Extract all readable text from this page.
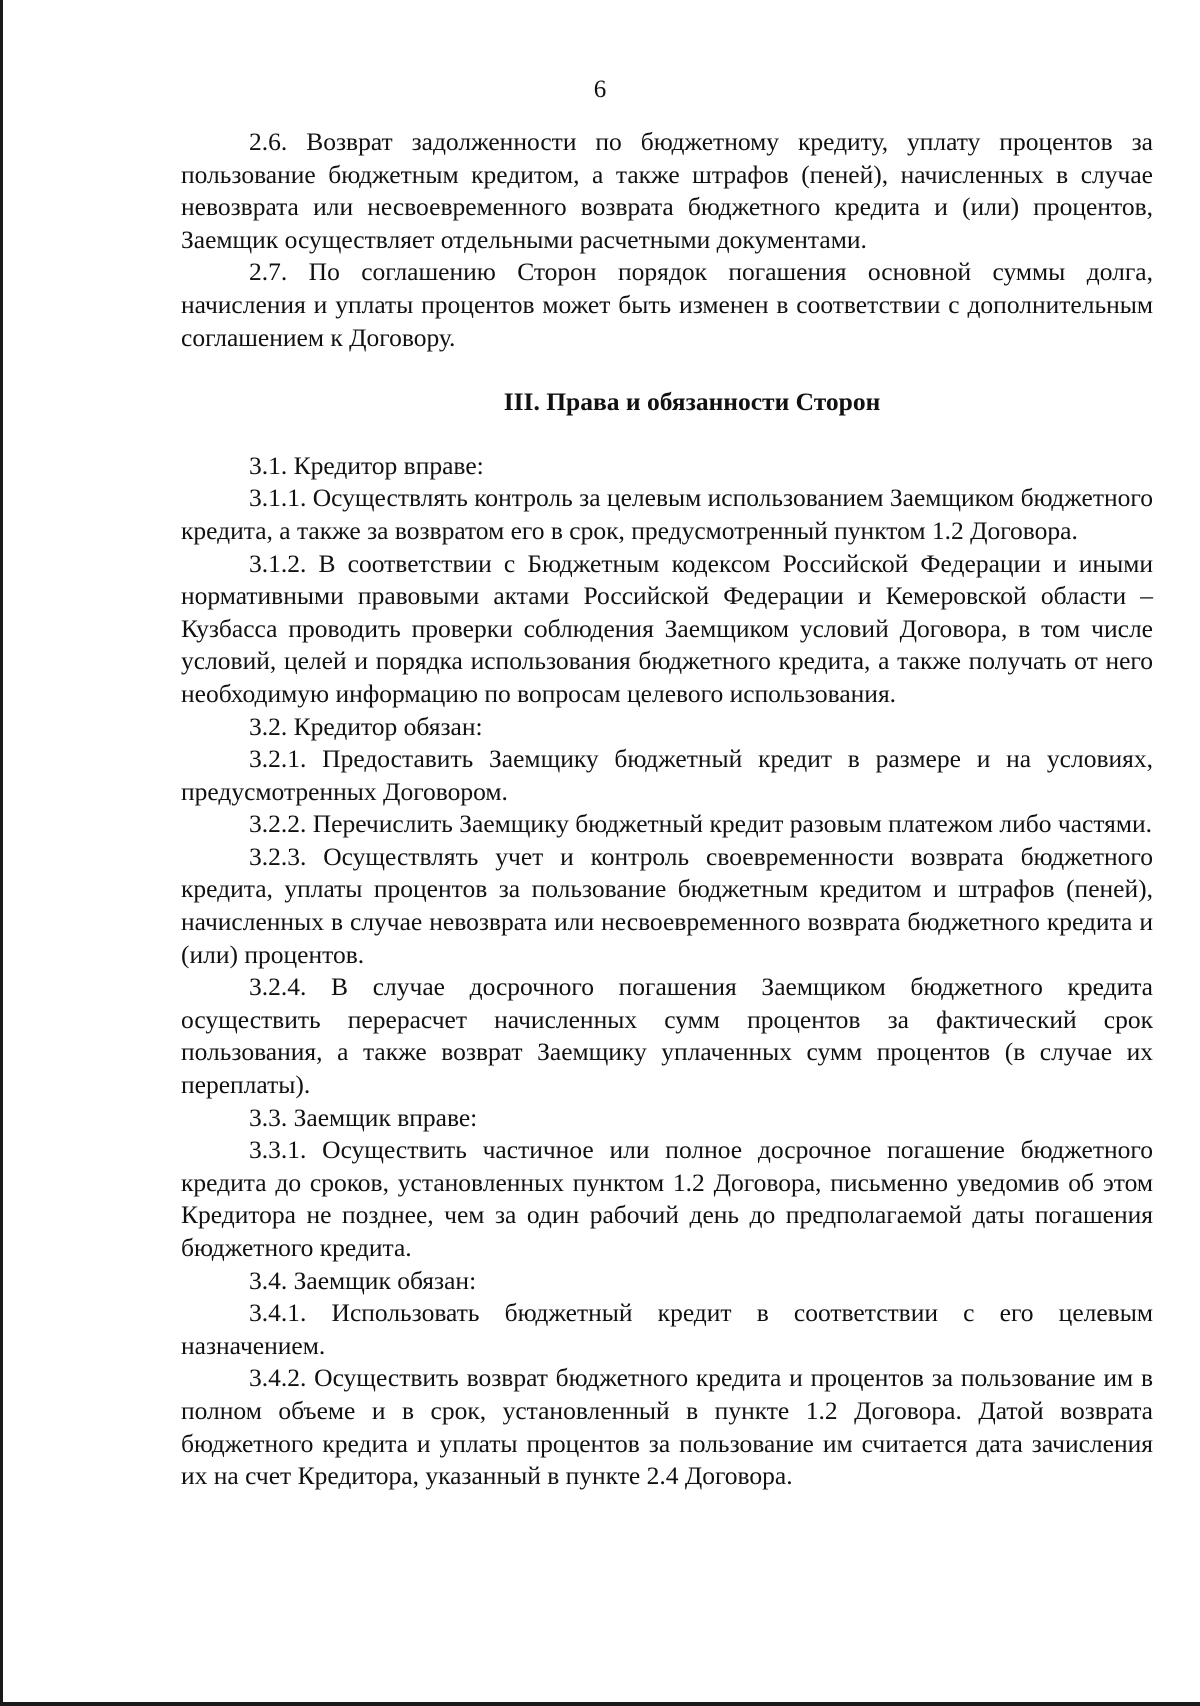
6

2.6. Возврат задолженности по бюджетному кредиту, уплату процентов за пользование бюджетным кредитом, а также штрафов (пеней), начисленных в случае невозврата или несвоевременного возврата бюджетного кредита и (или) процентов, Заемщик осуществляет отдельными расчетными документами.

2.7. По соглашению Сторон порядок погашения основной суммы долга, начисления и уплаты процентов может быть изменен в соответствии с дополнительным соглашением к Договору.

III. Права и обязанности Сторон

3.1. Кредитор вправе:

3.1.1. Осуществлять контроль за целевым использованием Заемщиком бюджетного кредита, а также за возвратом его в срок, предусмотренный пунктом 1.2 Договора.

3.1.2. В соответствии с Бюджетным кодексом Российской Федерации и иными нормативными правовыми актами Российской Федерации и Кемеровской области – Кузбасса проводить проверки соблюдения Заемщиком условий Договора, в том числе условий, целей и порядка использования бюджетного кредита, а также получать от него необходимую информацию по вопросам целевого использования.

3.2. Кредитор обязан:

3.2.1. Предоставить Заемщику бюджетный кредит в размере и на условиях, предусмотренных Договором.

3.2.2. Перечислить Заемщику бюджетный кредит разовым платежом либо частями.

3.2.3. Осуществлять учет и контроль своевременности возврата бюджетного кредита, уплаты процентов за пользование бюджетным кредитом и штрафов (пеней), начисленных в случае невозврата или несвоевременного возврата бюджетного кредита и (или) процентов.

3.2.4. В случае досрочного погашения Заемщиком бюджетного кредита осуществить перерасчет начисленных сумм процентов за фактический срок пользования, а также возврат Заемщику уплаченных сумм процентов (в случае их переплаты).

3.3. Заемщик вправе:

3.3.1. Осуществить частичное или полное досрочное погашение бюджетного кредита до сроков, установленных пунктом 1.2 Договора, письменно уведомив об этом Кредитора не позднее, чем за один рабочий день до предполагаемой даты погашения бюджетного кредита.

3.4. Заемщик обязан:

3.4.1. Использовать бюджетный кредит в соответствии с его целевым назначением.

3.4.2. Осуществить возврат бюджетного кредита и процентов за пользование им в полном объеме и в срок, установленный в пункте 1.2 Договора. Датой возврата бюджетного кредита и уплаты процентов за пользование им считается дата зачисления их на счет Кредитора, указанный в пункте 2.4 Договора.
